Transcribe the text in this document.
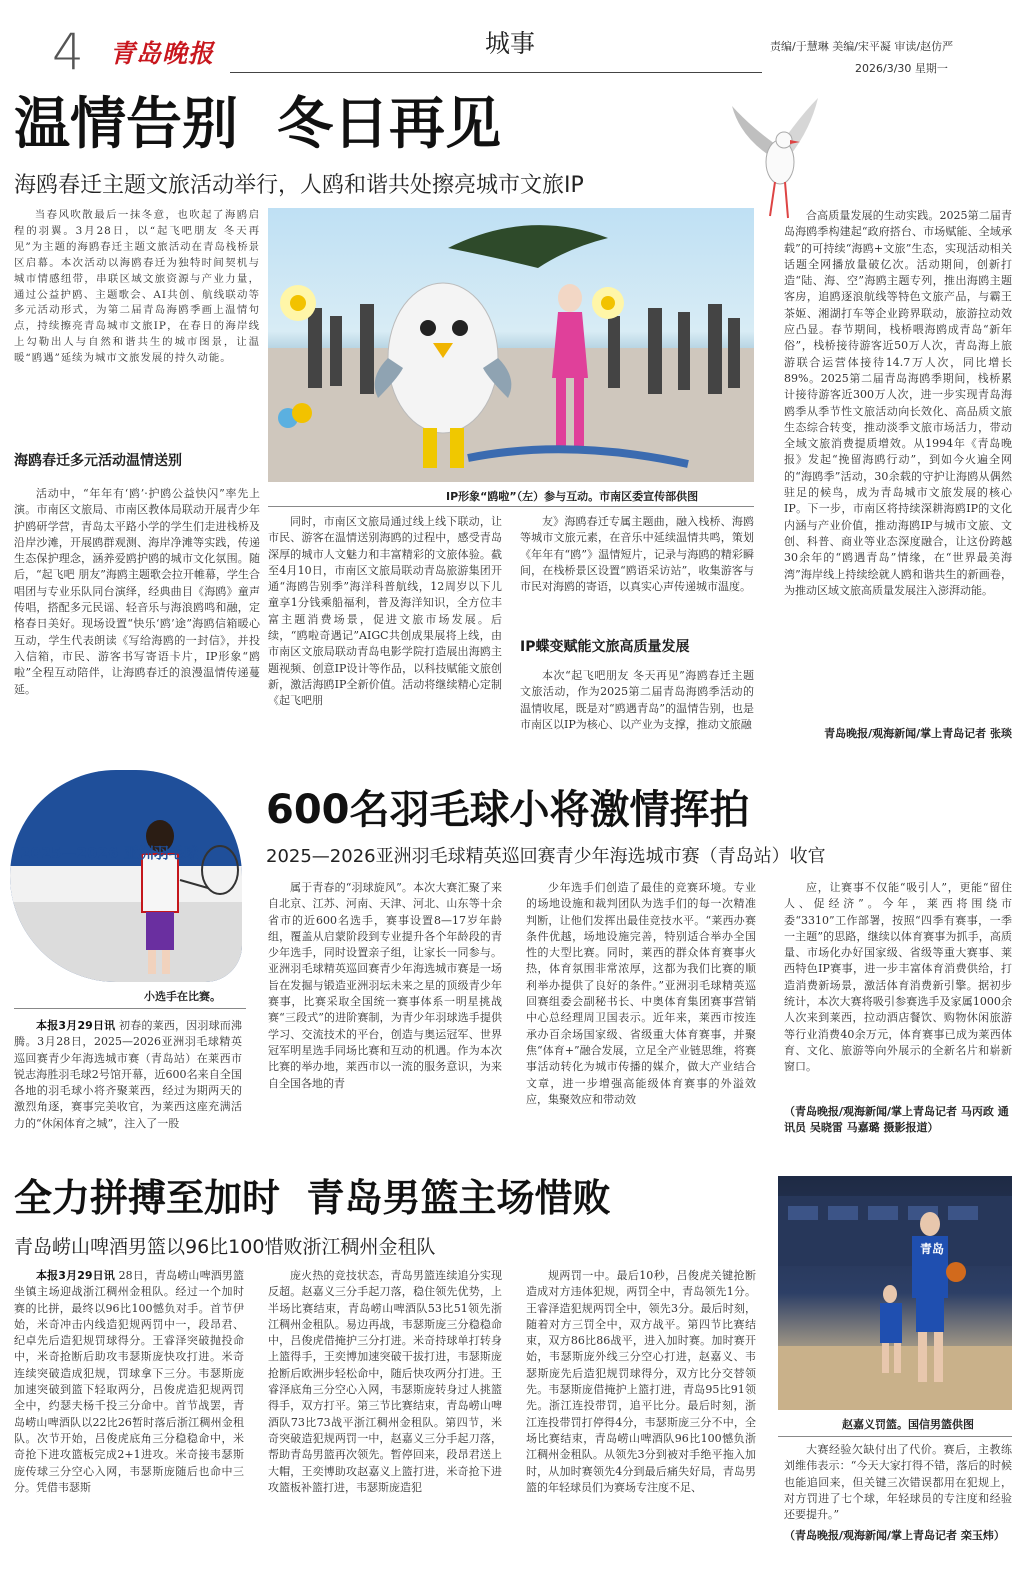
4 青岛晚报	城事	责编/于慧琳 美编/宋平凝 审读/赵仿严
2026/3/30 星期一
温情告别  冬日再见
海鸥春迁主题文旅活动举行，人鸥和谐共处擦亮城市文旅IP
当春风吹散最后一抹冬意，也吹起了海鸥启程的羽翼。3月28日，以“起飞吧朋友 冬天再见”为主题的海鸥春迁主题文旅活动在青岛栈桥景区启幕。本次活动以海鸥春迁为独特时间契机与城市情感纽带，串联区域文旅资源与产业力量，通过公益护鸥、主题歌会、AI共创、航线联动等多元活动形式，为第二届青岛海鸥季画上温情句点，持续擦亮青岛城市文旅IP，在春日的海岸线上勾勒出人与自然和谐共生的城市图景，让温暖“鸥遇”延续为城市文旅发展的持久动能。
海鸥春迁多元活动温情送别
活动中，“年年有‘鸥’·护鸥公益快闪”率先上演。市南区文旅局、市南区教体局联动开展青少年护鸥研学营，青岛太平路小学的学生们走进栈桥及沿岸沙滩，开展鸥群观测、海岸净滩等实践，传递生态保护理念，涵养爱鸥护鸥的城市文化氛围。随后，“起飞吧 朋友”海鸥主题歌会拉开帷幕，学生合唱团与专业乐队同台演绎，经典曲目《海鸥》童声传唱，搭配多元民谣、轻音乐与海浪鸥鸣和融，定格春日美好。现场设置“快乐‘鸥’途”海鸥信箱暖心互动，学生代表朗读《写给海鸥的一封信》，并投入信箱，市民、游客书写寄语卡片，IP形象“鸥啦”全程互动陪伴，让海鸥春迁的浪漫温情传递蔓延。
IP形象“鸥啦”（左）参与互动。市南区委宣传部供图
同时，市南区文旅局通过线上线下联动，让市民、游客在温情送别海鸥的过程中，感受青岛深厚的城市人文魅力和丰富精彩的文旅体验。截至4月10日，市南区文旅局联动青岛旅游集团开通“海鸥告别季”海洋科普航线，12周岁以下儿童享1分钱乘船福利，普及海洋知识，全方位丰富主题消费场景，促进文旅市场发展。后续，“鸥啦奇遇记”AIGC共创成果展将上线，由市南区文旅局联动青岛电影学院打造展出海鸥主题视频、创意IP设计等作品，以科技赋能文旅创新，激活海鸥IP全新价值。活动将继续精心定制《起飞吧朋
友》海鸥春迁专属主题曲，融入栈桥、海鸥等城市文旅元素，在音乐中延续温情共鸣，策划《年年有“鸥”》温情短片，记录与海鸥的精彩瞬间，在栈桥景区设置“鸥语采访站”，收集游客与市民对海鸥的寄语，以真实心声传递城市温度。
IP蝶变赋能文旅高质量发展
本次“起飞吧朋友 冬天再见”海鸥春迁主题文旅活动，作为2025第二届青岛海鸥季活动的温情收尾，既是对“鸥遇青岛”的温情告别，也是市南区以IP为核心、以产业为支撑，推动文旅融
合高质量发展的生动实践。2025第二届青岛海鸥季构建起“政府搭台、市场赋能、全域承载”的可持续“海鸥+文旅”生态，实现活动相关话题全网播放量破亿次。活动期间，创新打造“陆、海、空”海鸥主题专列，推出海鸥主题客房，追鸥逐浪航线等特色文旅产品，与霸王茶姬、湘湖打车等企业跨界联动，旅游拉动效应凸显。春节期间，栈桥喂海鸥成青岛“新年俗”，栈桥接待游客近50万人次，青岛海上旅游联合运营体接待14.7万人次，同比增长89%。2025第二届青岛海鸥季期间，栈桥累计接待游客近300万人次，进一步实现青岛海鸥季从季节性文旅活动向长效化、高品质文旅生态综合转变，推动淡季文旅市场活力，带动全域文旅消费提质增效。从1994年《青岛晚报》发起“挽留海鸥行动”，到如今火遍全网的“海鸥季”活动，30余载的守护让海鸥从偶然驻足的候鸟，成为青岛城市文旅发展的核心IP。下一步，市南区将持续深耕海鸥IP的文化内涵与产业价值，推动海鸥IP与城市文旅、文创、科普、商业等业态深度融合，让这份跨越30余年的“鸥遇青岛”情缘，在“世界最美海湾”海岸线上持续绘就人鸥和谐共生的新画卷，为推动区域文旅高质量发展注入澎湃动能。
青岛晚报/观海新闻/掌上青岛记者 张琰
2025—2026 亚洲羽毛球
小选手在比赛。
600名羽毛球小将激情挥拍
2025—2026亚洲羽毛球精英巡回赛青少年海选城市赛（青岛站）收官
本报3月29日讯 初春的莱西，因羽球而沸腾。3月28日，2025—2026亚洲羽毛球精英巡回赛青少年海选城市赛（青岛站）在莱西市锐志海胜羽毛球2号馆开幕，近600名来自全国各地的羽毛球小将齐聚莱西，经过为期两天的激烈角逐，赛事完美收官，为莱西这座充满活力的“休闲体育之城”，注入了一股
属于青春的“羽球旋风”。本次大赛汇聚了来自北京、江苏、河南、天津、河北、山东等十余省市的近600名选手，赛事设置8—17岁年龄组，覆盖从启蒙阶段到专业提升各个年龄段的青少年选手，同时设置亲子组，让家长一同参与。亚洲羽毛球精英巡回赛青少年海选城市赛是一场旨在发掘与锻造亚洲羽坛未来之星的顶级青少年赛事，比赛采取全国统一赛事体系一明星挑战赛“三段式”的进阶赛制，为青少年羽球选手提供学习、交流技术的平台，创造与奥运冠军、世界冠军明星选手同场比赛和互动的机遇。作为本次比赛的举办地，莱西市以一流的服务意识，为来自全国各地的青
少年选手们创造了最佳的竞赛环境。专业的场地设施和裁判团队为选手们的每一次精准判断，让他们发挥出最佳竞技水平。“莱西办赛条件优越，场地设施完善，特别适合举办全国性的大型比赛。同时，莱西的群众体育赛事火热，体育氛围非常浓厚，这都为我们比赛的顺利举办提供了良好的条件。”亚洲羽毛球精英巡回赛组委会副秘书长、中奥体育集团赛事营销中心总经理周卫国表示。近年来，莱西市按连承办百余场国家级、省级重大体育赛事，并聚焦“体育+”融合发展，立足全产业链思维，将赛事活动转化为城市传播的媒介，做大产业结合文章，进一步增强高能级体育赛事的外溢效应，集聚效应和带动效
应，让赛事不仅能“吸引人”，更能“留住人、促经济”。今年，莱西将围绕市委“3310”工作部署，按照“四季有赛事，一季一主题”的思路，继续以体育赛事为抓手，高质量、市场化办好国家级、省级等重大赛事、莱西特色IP赛事，进一步丰富体育消费供给，打造消费新场景，激活体育消费新引擎。据初步统计，本次大赛将吸引参赛选手及家属1000余人次来到莱西，拉动酒店餐饮、购物休闲旅游等行业消费40余万元，体育赛事已成为莱西体育、文化、旅游等向外展示的全新名片和崭新窗口。
（青岛晚报/观海新闻/掌上青岛记者 马丙政 通讯员 吴晓雷 马嘉璐 摄影报道）
全力拼搏至加时  青岛男篮主场惜败
青岛崂山啤酒男篮以96比100惜败浙江稠州金租队
本报3月29日讯 28日，青岛崂山啤酒男篮坐镇主场迎战浙江稠州金租队。经过一个加时赛的比拼，最终以96比100憾负对手。首节伊始，米奇冲击内线造犯规两罚中一，段昂君、纪卓先后造犯规罚球得分。王睿泽突破抛投命中，米奇抢断后助攻韦瑟斯庞快攻打进。米奇连续突破造成犯规，罚球拿下三分。韦瑟斯庞加速突破到篮下轻取两分，吕俊虎造犯规两罚全中，约瑟夫杨千投三分命中。首节战罢，青岛崂山啤酒队以22比26暂时落后浙江稠州金租队。次节开始，吕俊虎底角三分稳稳命中，米奇抢下进攻篮板完成2+1进攻。米奇接韦瑟斯庞传球三分空心入网，韦瑟斯庞随后也命中三分。凭借韦瑟斯
庞火热的竞技状态，青岛男篮连续追分实现反超。赵嘉义三分手起刀落，稳住领先优势，上半场比赛结束，青岛崂山啤酒队53比51领先浙江稠州金租队。易边再战，韦瑟斯庞三分稳稳命中，吕俊虎借掩护三分打进。米奇持球单打转身上篮得手，王奕博加速突破干拔打进，韦瑟斯庞抢断后欧洲步轻松命中，随后快攻两分打进。王睿泽底角三分空心入网，韦瑟斯庞转身过人挑篮得手，双方打平。第三节比赛结束，青岛崂山啤酒队73比73战平浙江稠州金租队。第四节，米奇突破造犯规两罚一中，赵嘉义三分手起刀落，帮助青岛男篮再次领先。暂停回来，段昂君送上大帽，王奕博助攻赵嘉义上篮打进，米奇抢下进攻篮板补篮打进，韦瑟斯庞造犯
规两罚一中。最后10秒，吕俊虎关键抢断造成对方违体犯规，两罚全中，青岛领先1分。王睿泽造犯规两罚全中，领先3分。最后时刻，随着对方三罚全中，双方战平。第四节比赛结束，双方86比86战平，进入加时赛。加时赛开始，韦瑟斯庞外线三分空心打进，赵嘉义、韦瑟斯庞先后造犯规罚球得分，双方比分交替领先。韦瑟斯庞借掩护上篮打进，青岛95比91领先。浙江连投带罚，追平比分。最后时刻，浙江连投带罚打停得4分，韦瑟斯庞三分不中，全场比赛结束，青岛崂山啤酒队96比100憾负浙江稠州金租队。从领先3分到被对手绝平拖入加时，从加时赛领先4分到最后痛失好局，青岛男篮的年轻球员们为赛场专注度不足、
青岛
赵嘉义罚篮。国信男篮供图
大赛经验欠缺付出了代价。赛后，主教练刘维伟表示：“今天大家打得不错，落后的时候也能追回来，但关键三次错误都用在犯规上，对方罚进了七个球，年轻球员的专注度和经验还要提升。”
（青岛晚报/观海新闻/掌上青岛记者 栾玉炜）
